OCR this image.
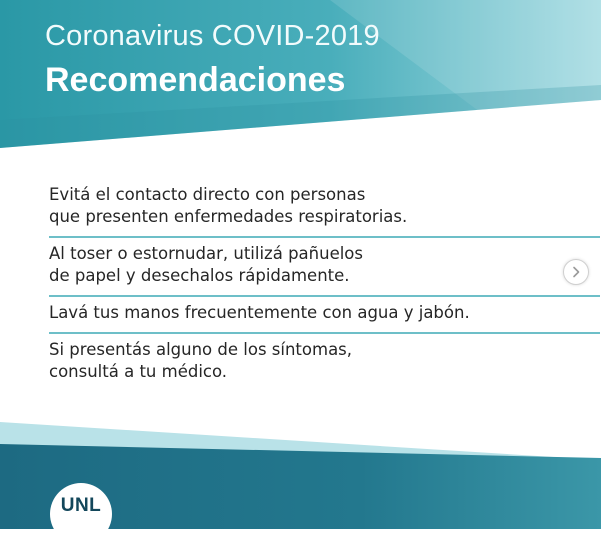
Coronavirus COVID-2019
Recomendaciones
Evitá el contacto directo con personas
que presenten enfermedades respiratorias.
Al toser o estornudar, utilizá pañuelos
de papel y desechalos rápidamente.
Lavá tus manos frecuentemente con agua y jabón.
Si presentás alguno de los síntomas,
consultá a tu médico.
UNL
